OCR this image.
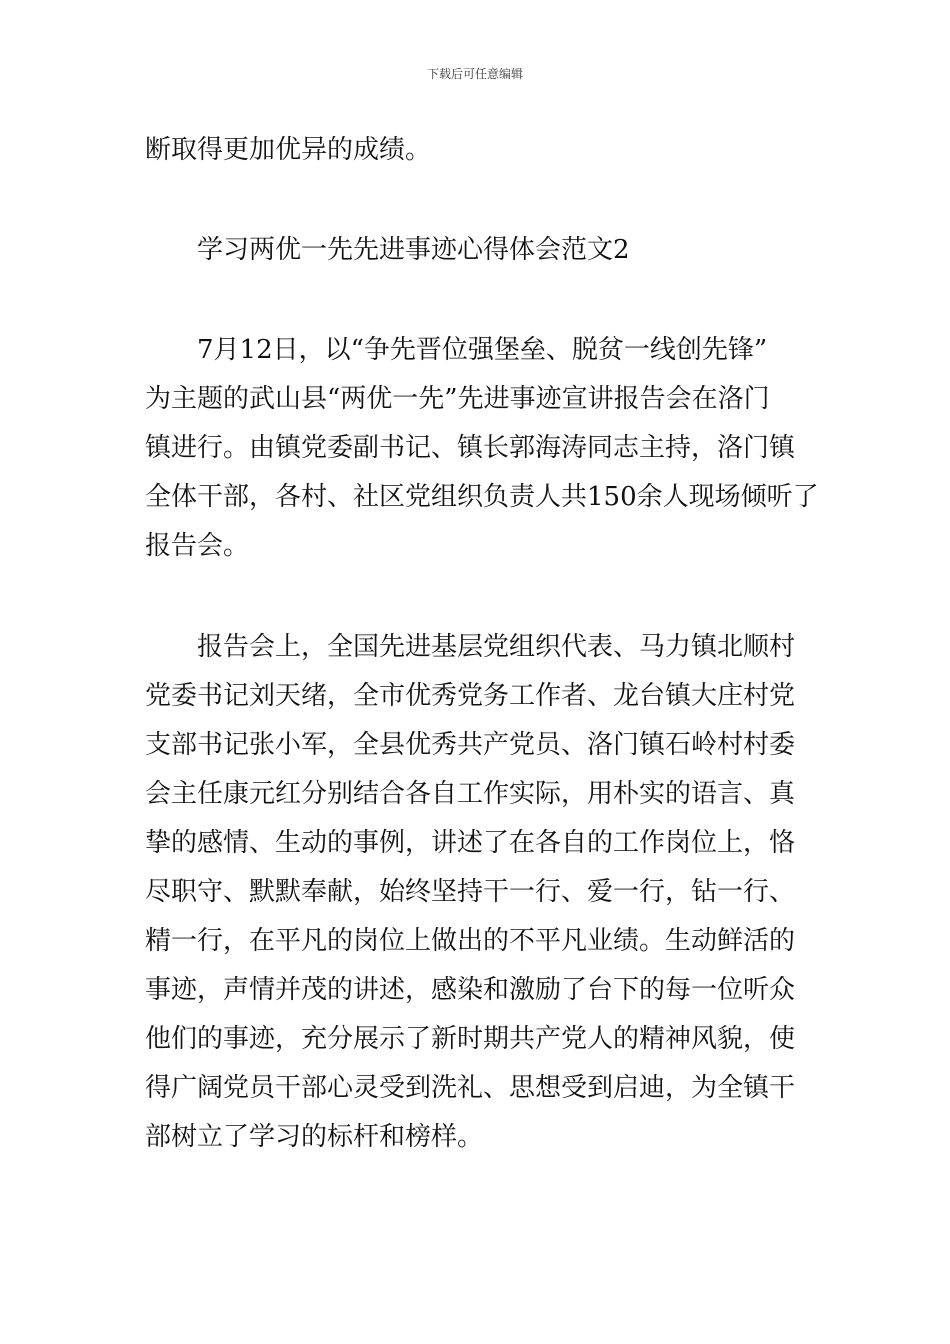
下载后可任意编辑
断取得更加优异的成绩。
　　学习两优一先先进事迹心得体会范文2
　　7月12日，以“争先晋位强堡垒、脱贫一线创先锋”
为主题的武山县“两优一先”先进事迹宣讲报告会在洛门
镇进行。由镇党委副书记、镇长郭海涛同志主持，洛门镇
全体干部，各村、社区党组织负责人共150余人现场倾听了
报告会。
　　报告会上，全国先进基层党组织代表、马力镇北顺村
党委书记刘天绪，全市优秀党务工作者、龙台镇大庄村党
支部书记张小军，全县优秀共产党员、洛门镇石岭村村委
会主任康元红分别结合各自工作实际，用朴实的语言、真
挚的感情、生动的事例，讲述了在各自的工作岗位上，恪
尽职守、默默奉献，始终坚持干一行、爱一行，钻一行、
精一行，在平凡的岗位上做出的不平凡业绩。生动鲜活的
事迹，声情并茂的讲述，感染和激励了台下的每一位听众
他们的事迹，充分展示了新时期共产党人的精神风貌，使
得广阔党员干部心灵受到洗礼、思想受到启迪，为全镇干
部树立了学习的标杆和榜样。
